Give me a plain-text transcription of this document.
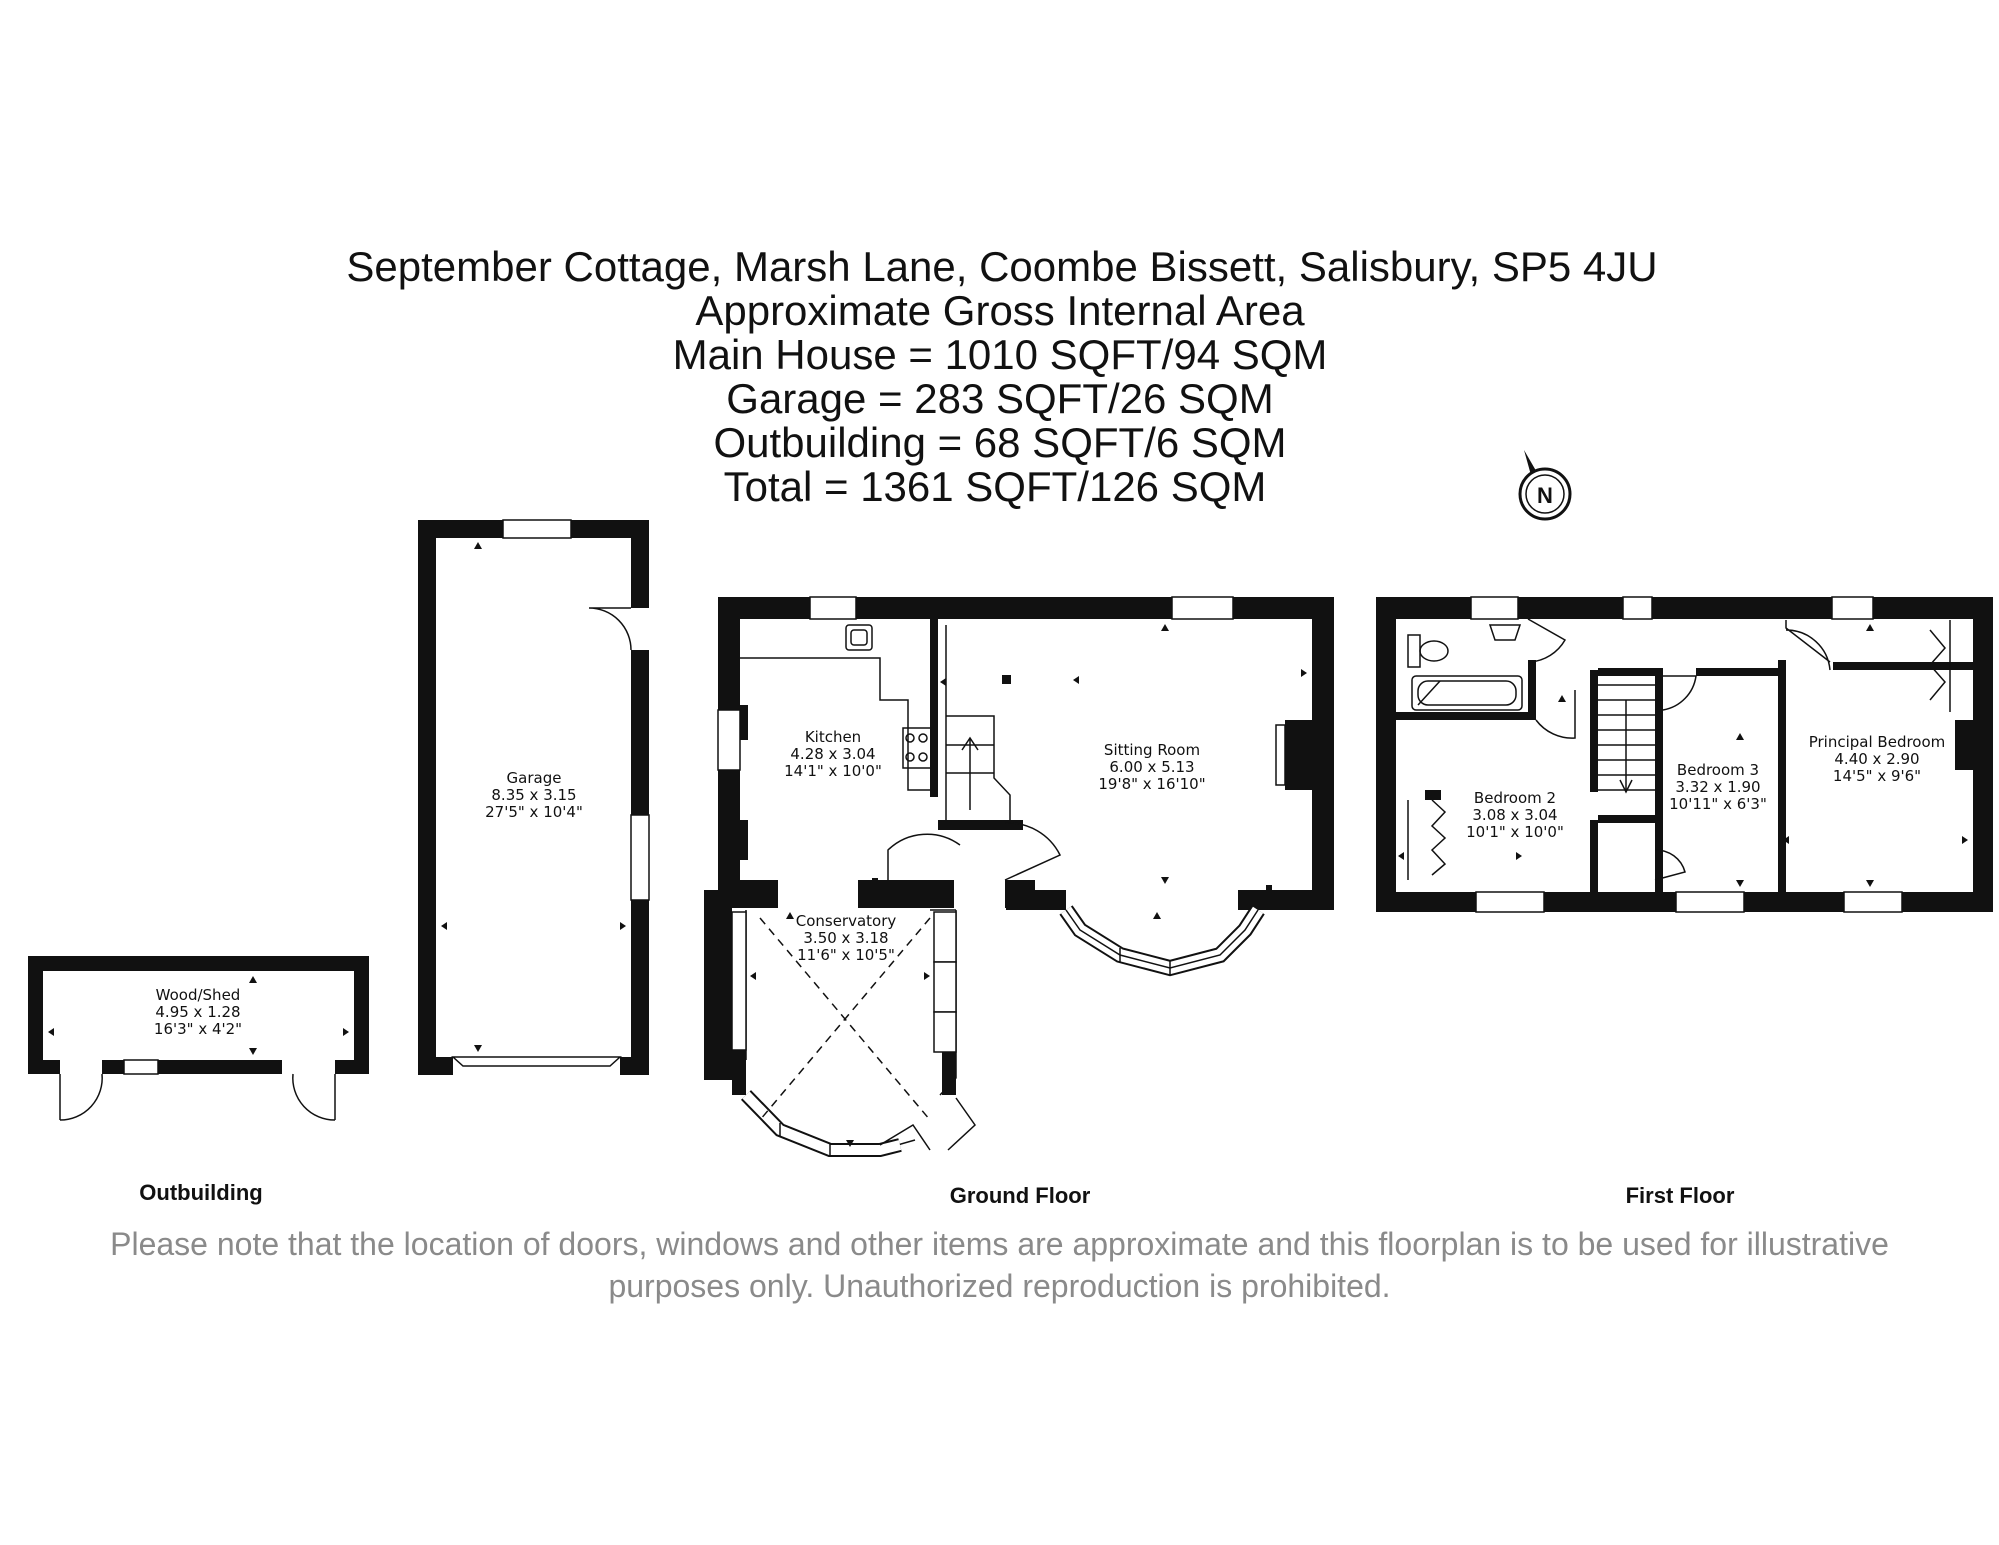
September Cottage, Marsh Lane, Coombe Bissett, Salisbury, SP5 4JU
Approximate Gross Internal Area
Main House = 1010 SQFT/94 SQM
Garage = 283 SQFT/26 SQM
Outbuilding = 68 SQFT/6 SQM
Total = 1361 SQFT/126 SQM	N
Wood/Shed
4.95 x 1.28
16'3" x 4'2"
Garage
8.35 x 3.15
27'5" x 10'4"
Kitchen
4.28 x 3.04
14'1" x 10'0"
Sitting Room
6.00 x 5.13
19'8" x 16'10"
Conservatory
3.50 x 3.18
11'6" x 10'5"
Bedroom 2
3.08 x 3.04
10'1" x 10'0"
Bedroom 3
3.32 x 1.90
10'11" x 6'3"
Principal Bedroom
4.40 x 2.90
14'5" x 9'6"
Outbuilding	Ground Floor	First Floor
Please note that the location of doors, windows and other items are approximate and this floorplan is to be used for illustrative
purposes only. Unauthorized reproduction is prohibited.
